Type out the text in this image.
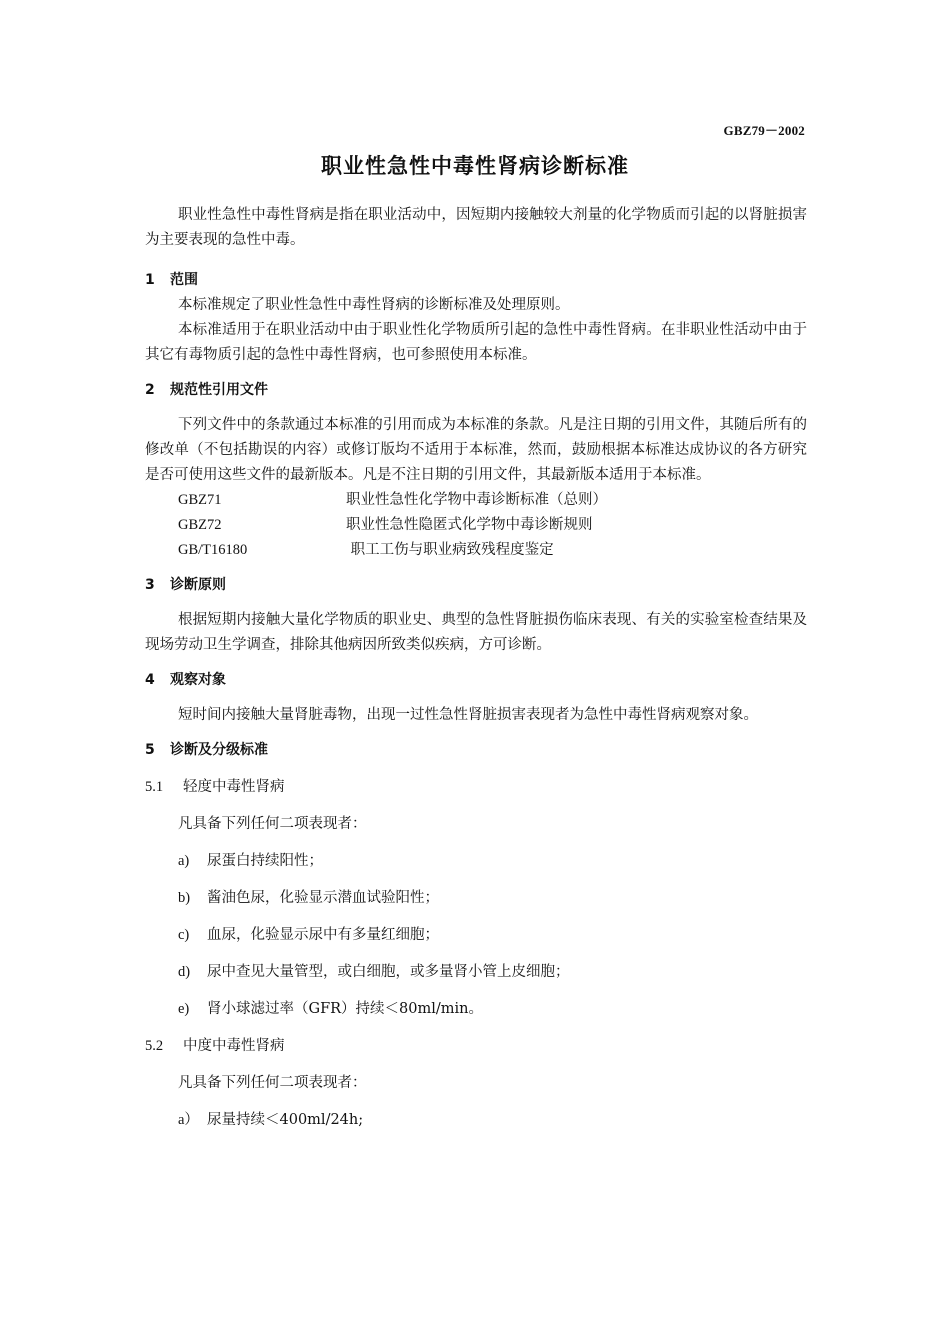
GBZ79－2002
职业性急性中毒性肾病诊断标准

职业性急性中毒性肾病是指在职业活动中，因短期内接触较大剂量的化学物质而引起的以肾脏损害为主要表现的急性中毒。

1 范围

本标准规定了职业性急性中毒性肾病的诊断标准及处理原则。

本标准适用于在职业活动中由于职业性化学物质所引起的急性中毒性肾病。在非职业性活动中由于其它有毒物质引起的急性中毒性肾病，也可参照使用本标准。

2 规范性引用文件

下列文件中的条款通过本标准的引用而成为本标准的条款。凡是注日期的引用文件，其随后所有的修改单（不包括勘误的内容）或修订版均不适用于本标准，然而，鼓励根据本标准达成协议的各方研究是否可使用这些文件的最新版本。凡是不注日期的引用文件，其最新版本适用于本标准。

GBZ71	职业性急性化学物中毒诊断标准（总则）
GBZ72	职业性急性隐匿式化学物中毒诊断规则
GB/T16180	职工工伤与职业病致残程度鉴定
3 诊断原则

根据短期内接触大量化学物质的职业史、典型的急性肾脏损伤临床表现、有关的实验室检查结果及现场劳动卫生学调查，排除其他病因所致类似疾病，方可诊断。

4 观察对象

短时间内接触大量肾脏毒物，出现一过性急性肾脏损害表现者为急性中毒性肾病观察对象。

5 诊断及分级标准
5.1 轻度中毒性肾病

凡具备下列任何二项表现者：

a) 尿蛋白持续阳性；
b) 酱油色尿，化验显示潜血试验阳性；
c) 血尿，化验显示尿中有多量红细胞；
d) 尿中查见大量管型，或白细胞，或多量肾小管上皮细胞；
e) 肾小球滤过率（GFR）持续＜80ml/min。
5.2 中度中毒性肾病

凡具备下列任何二项表现者：

a） 尿量持续＜400ml/24h;
